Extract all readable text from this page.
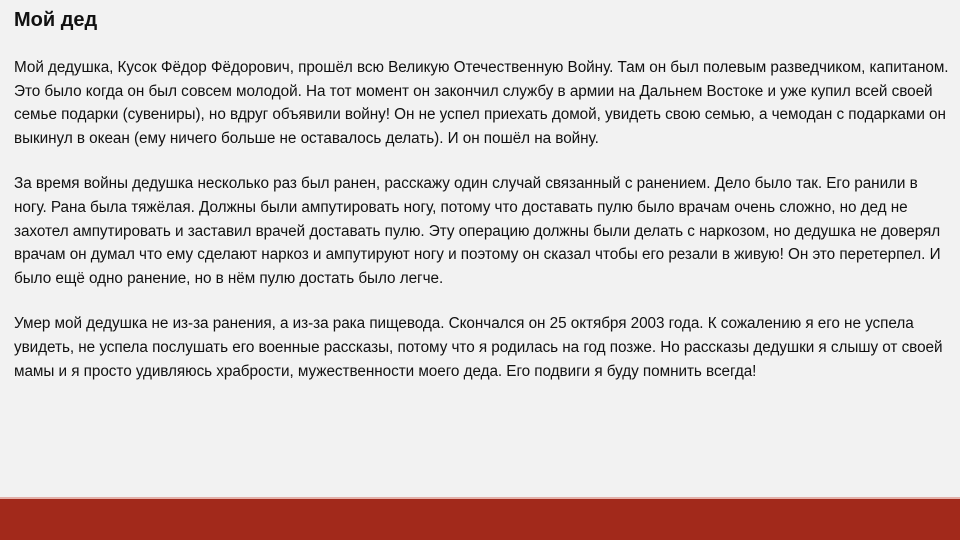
Мой дед

Мой дедушка, Кусок Фёдор Фёдорович, прошёл всю Великую Отечественную Войну. Там он был полевым разведчиком, капитаном. Это было когда он был совсем молодой. На тот момент он закончил службу в армии на Дальнем Востоке и уже купил всей своей семье подарки (сувениры), но вдруг объявили войну! Он не успел приехать домой, увидеть свою семью, а чемодан с подарками он выкинул в океан (ему ничего больше не оставалось делать). И он пошёл на войну.

За время войны дедушка несколько раз был ранен, расскажу один случай связанный с ранением. Дело было так. Его ранили в ногу. Рана была тяжёлая. Должны были ампутировать ногу, потому что доставать пулю было врачам очень сложно, но дед не захотел ампутировать и заставил врачей доставать пулю. Эту операцию должны были делать с наркозом, но дедушка не доверял врачам он думал что ему сделают наркоз и ампутируют ногу и поэтому он сказал чтобы его резали в живую! Он это перетерпел. И было ещё одно ранение, но в нём пулю достать было легче.

Умер мой дедушка не из-за ранения, а из-за рака пищевода. Скончался он 25 октября 2003 года. К сожалению я его не успела увидеть, не успела послушать его военные рассказы, потому что я родилась на год позже. Но рассказы дедушки я слышу от своей мамы и я просто удивляюсь храбрости, мужественности моего деда. Его подвиги я буду помнить всегда!
